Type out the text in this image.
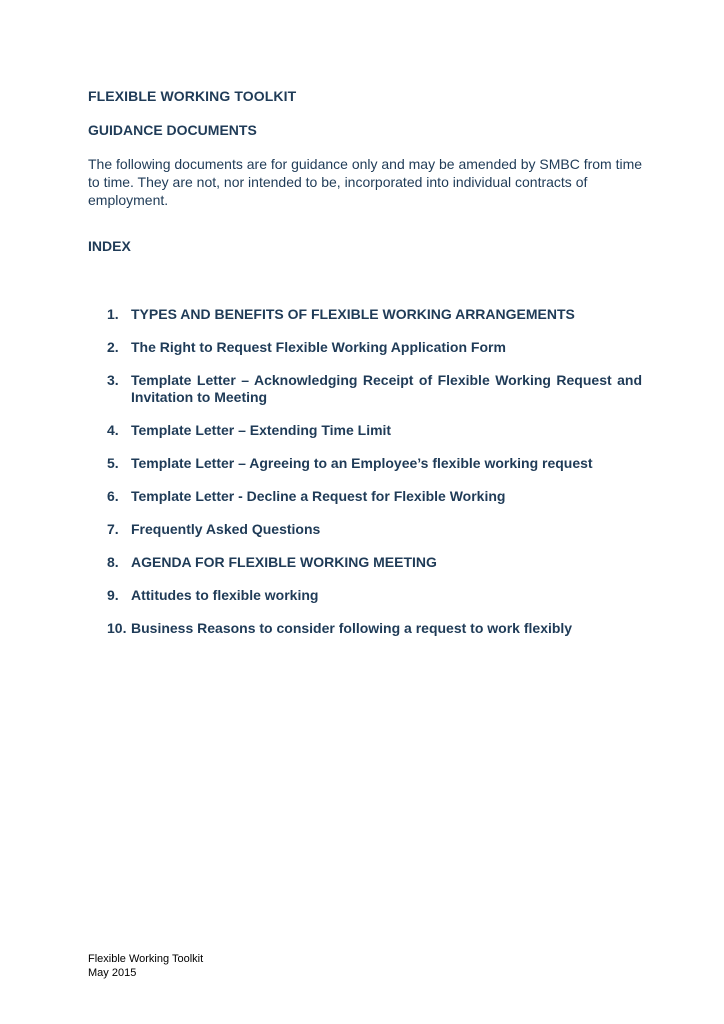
FLEXIBLE WORKING TOOLKIT
GUIDANCE DOCUMENTS
The following documents are for guidance only and may be amended by SMBC from time to time. They are not, nor intended to be, incorporated into individual contracts of employment.
INDEX
1. TYPES AND BENEFITS OF FLEXIBLE WORKING ARRANGEMENTS
2. The Right to Request Flexible Working Application Form
3. Template Letter – Acknowledging Receipt of Flexible Working Request and Invitation to Meeting
4. Template Letter – Extending Time Limit
5. Template Letter – Agreeing to an Employee’s flexible working request
6. Template Letter - Decline a Request for Flexible Working
7. Frequently Asked Questions
8. AGENDA FOR FLEXIBLE WORKING MEETING
9. Attitudes to flexible working
10. Business Reasons to consider following a request to work flexibly
Flexible Working Toolkit
May 2015
